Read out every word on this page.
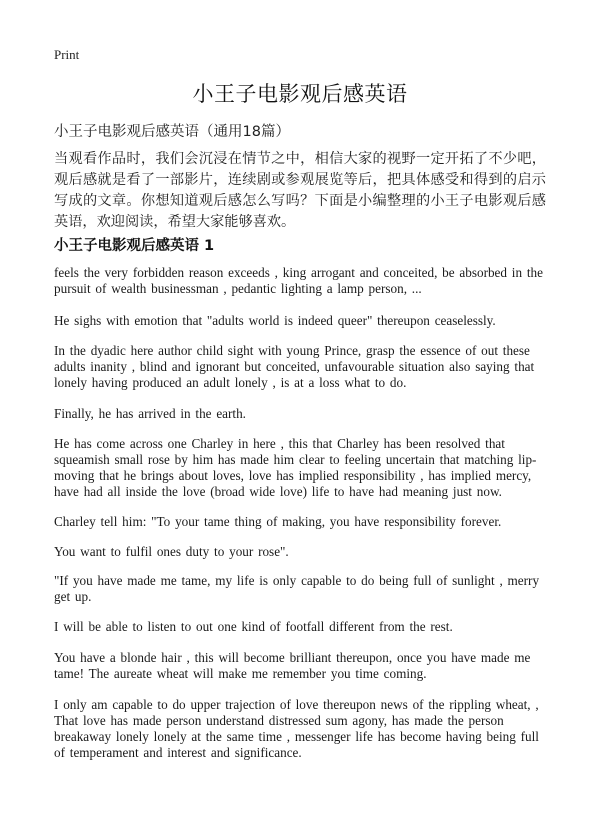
Print
小王子电影观后感英语
小王子电影观后感英语（通用18篇）
当观看作品时，我们会沉浸在情节之中，相信大家的视野一定开拓了不少吧，观后感就是看了一部影片，连续剧或参观展览等后，把具体感受和得到的启示写成的文章。你想知道观后感怎么写吗？下面是小编整理的小王子电影观后感英语，欢迎阅读，希望大家能够喜欢。
小王子电影观后感英语 1
feels the very forbidden reason exceeds , king arrogant and conceited, be absorbed in the pursuit of wealth businessman , pedantic lighting a lamp person, ...
He sighs with emotion that "adults world is indeed queer" thereupon ceaselessly.
In the dyadic here author child sight with young Prince, grasp the essence of out these adults inanity , blind and ignorant but conceited, unfavourable situation also saying that lonely having produced an adult lonely , is at a loss what to do.
Finally, he has arrived in the earth.
He has come across one Charley in here , this that Charley has been resolved that squeamish small rose by him has made him clear to feeling uncertain that matching lip-moving that he brings about loves, love has implied responsibility , has implied mercy, have had all inside the love (broad wide love) life to have had meaning just now.
Charley tell him: "To your tame thing of making, you have responsibility forever.
You want to fulfil ones duty to your rose".
"If you have made me tame, my life is only capable to do being full of sunlight , merry get up.
I will be able to listen to out one kind of footfall different from the rest.
You have a blonde hair , this will become brilliant thereupon, once you have made me tame! The aureate wheat will make me remember you time coming.
I only am capable to do upper trajection of love thereupon news of the rippling wheat, , That love has made person understand distressed sum agony, has made the person breakaway lonely lonely at the same time , messenger life has become having being full of temperament and interest and significance.
